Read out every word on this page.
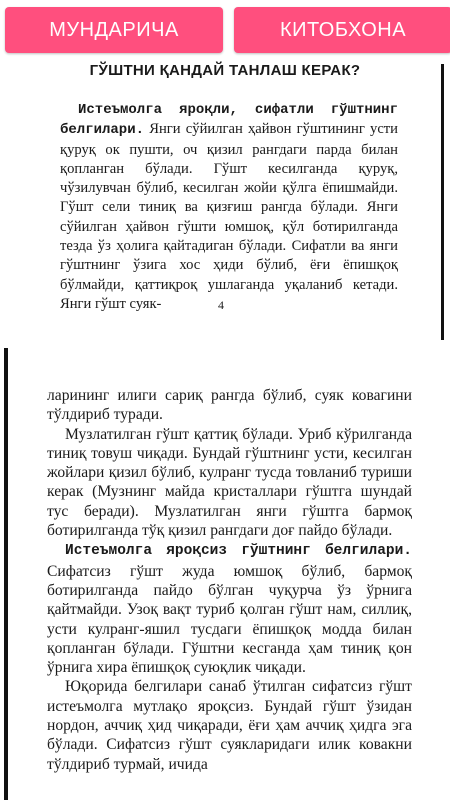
МУНДАРИЧА	КИТОБХОНА
ГЎШТНИ ҚАНДАЙ ТАНЛАШ КЕРАК?

Истеъмолга яроқли, сифатли гўштнинг белгилари. Янги сўйилган ҳайвон гўштининг усти қуруқ ок пушти, оч қизил рангдаги парда билан қопланган бўлади. Гўшт кесилганда қуруқ, чўзилувчан бўлиб, кесилган жойи қўлга ёпишмайди. Гўшт сели тиниқ ва қизғиш рангда бўлади. Янги сўйилган ҳайвон гўшти юмшоқ, қўл ботирилганда тезда ўз ҳолига қайтадиган бўлади. Сифатли ва янги гўштнинг ўзига хос ҳиди бўлиб, ёғи ёпишқоқ бўлмайди, қаттиқроқ ушлаганда уқаланиб кетади. Янги гўшт суяк-	4

ларининг илиги сариқ рангда бўлиб, суяк ковагини тўлдириб туради.

Музлатилган гўшт қаттиқ бўлади. Уриб кўрилганда тиниқ товуш чиқади. Бундай гўштнинг усти, кесилган жойлари қизил бўлиб, кулранг тусда товланиб туриши керак (Музнинг майда кристаллари гўштга шундай тус беради). Музлатилган янги гўштга бармоқ ботирилганда тўқ қизил рангдаги доғ пайдо бўлади.

Истеъмолга яроқсиз гўштнинг белгилари. Сифатсиз гўшт жуда юмшоқ бўлиб, бармоқ ботирилганда пайдо бўлган чуқурча ўз ўрнига қайтмайди. Узоқ вақт туриб қолган гўшт нам, силлиқ, усти кулранг-яшил тусдаги ёпишқоқ модда билан қопланган бўлади. Гўштни кесганда ҳам тиниқ қон ўрнига хира ёпишқоқ суюқлик чиқади.

Юқорида белгилари санаб ўтилган сифатсиз гўшт истеъмолга мутлақо яроқсиз. Бундай гўшт ўзидан нордон, аччиқ ҳид чиқаради, ёғи ҳам аччиқ ҳидга эга бўлади. Сифатсиз гўшт суякларидаги илик ковакни тўлдириб турмай, ичида
